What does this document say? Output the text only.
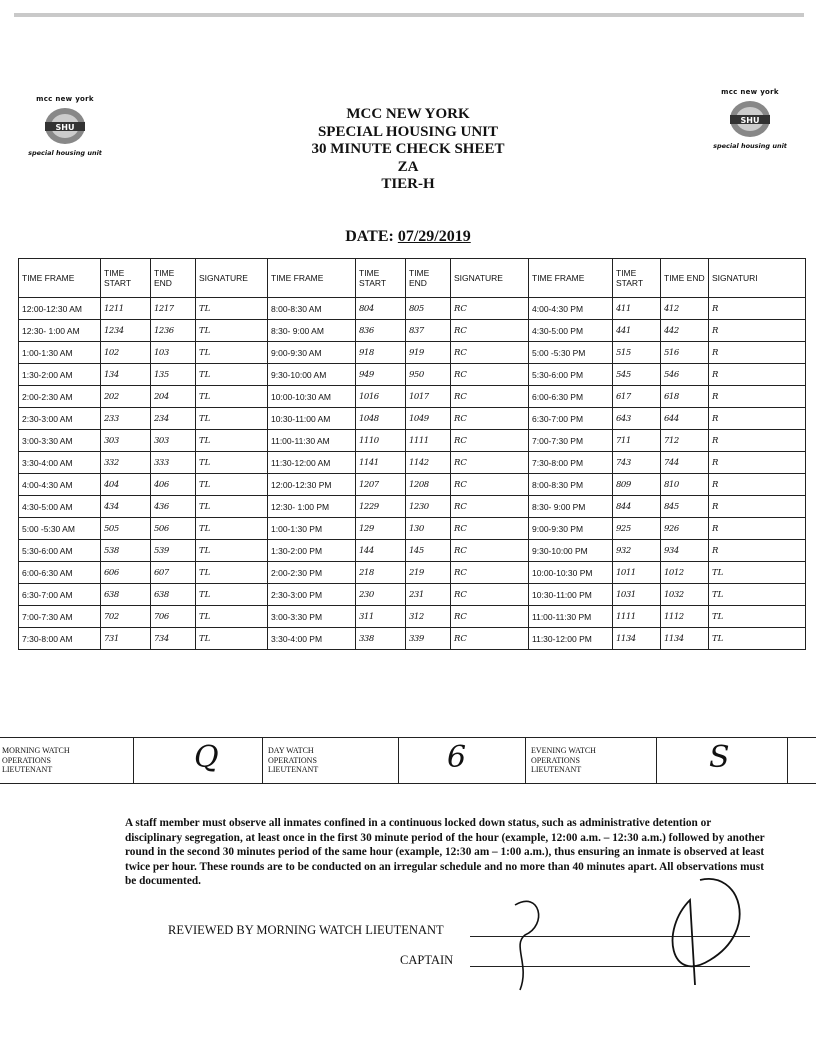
mcc new york
SHU
special housing unit
mcc new york
SHU
special housing unit
MCC NEW YORK
SPECIAL HOUSING UNIT
30 MINUTE CHECK SHEET
ZA
TIER-H
DATE: 07/29/2019
TIME FRAME	TIME START	TIME END	SIGNATURE	TIME FRAME	TIME START	TIME END	SIGNATURE	TIME FRAME	TIME START	TIME END	SIGNATURI
12:00-12:30 AM	1211	1217	TL	8:00-8:30 AM	804	805	RC	4:00-4:30 PM	411	412	R
12:30- 1:00 AM	1234	1236	TL	8:30- 9:00 AM	836	837	RC	4:30-5:00 PM	441	442	R
1:00-1:30 AM	102	103	TL	9:00-9:30 AM	918	919	RC	5:00 -5:30 PM	515	516	R
1:30-2:00 AM	134	135	TL	9:30-10:00 AM	949	950	RC	5:30-6:00 PM	545	546	R
2:00-2:30 AM	202	204	TL	10:00-10:30 AM	1016	1017	RC	6:00-6:30 PM	617	618	R
2:30-3:00 AM	233	234	TL	10:30-11:00 AM	1048	1049	RC	6:30-7:00 PM	643	644	R
3:00-3:30 AM	303	303	TL	11:00-11:30 AM	1110	1111	RC	7:00-7:30 PM	711	712	R
3:30-4:00 AM	332	333	TL	11:30-12:00 AM	1141	1142	RC	7:30-8:00 PM	743	744	R
4:00-4:30 AM	404	406	TL	12:00-12:30 PM	1207	1208	RC	8:00-8:30 PM	809	810	R
4:30-5:00 AM	434	436	TL	12:30- 1:00 PM	1229	1230	RC	8:30- 9:00 PM	844	845	R
5:00 -5:30 AM	505	506	TL	1:00-1:30 PM	129	130	RC	9:00-9:30 PM	925	926	R
5:30-6:00 AM	538	539	TL	1:30-2:00 PM	144	145	RC	9:30-10:00 PM	932	934	R
6:00-6:30 AM	606	607	TL	2:00-2:30 PM	218	219	RC	10:00-10:30 PM	1011	1012	TL
6:30-7:00 AM	638	638	TL	2:30-3:00 PM	230	231	RC	10:30-11:00 PM	1031	1032	TL
7:00-7:30 AM	702	706	TL	3:00-3:30 PM	311	312	RC	11:00-11:30 PM	1111	1112	TL
7:30-8:00 AM	731	734	TL	3:30-4:00 PM	338	339	RC	11:30-12:00 PM	1134	1134	TL
MORNING WATCH
OPERATIONS
LIEUTENANT	Q	DAY WATCH
OPERATIONS
LIEUTENANT	6	EVENING WATCH
OPERATIONS
LIEUTENANT	S
A staff member must observe all inmates confined in a continuous locked down status, such as administrative detention or disciplinary segregation, at least once in the first 30 minute period of the hour (example, 12:00 a.m. – 12:30 a.m.) followed by another round in the second 30 minutes period of the same hour (example, 12:30 am – 1:00 a.m.), thus ensuring an inmate is observed at least twice per hour. These rounds are to be conducted on an irregular schedule and no more than 40 minutes apart. All observations must be documented.
REVIEWED BY MORNING WATCH LIEUTENANT
CAPTAIN
